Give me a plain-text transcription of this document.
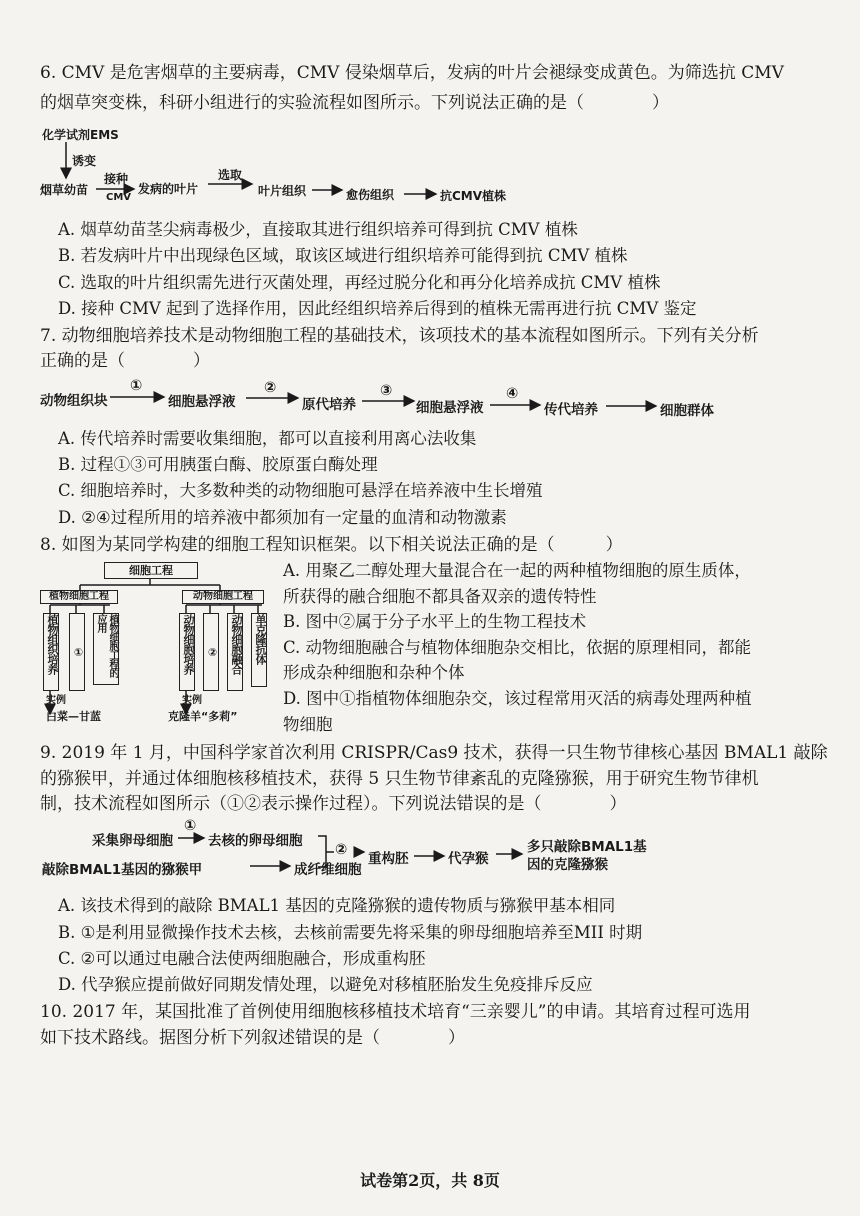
6. CMV 是危害烟草的主要病毒，CMV 侵染烟草后，发病的叶片会褪绿变成黄色。为筛选抗 CMV
的烟草突变株，科研小组进行的实验流程如图所示。下列说法正确的是（　　　　）
化学试剂EMS
诱变
烟草幼苗
接种
CMV
发病的叶片
选取
叶片组织	愈伤组织	抗CMV植株
A. 烟草幼苗茎尖病毒极少，直接取其进行组织培养可得到抗 CMV 植株
B. 若发病叶片中出现绿色区域，取该区域进行组织培养可能得到抗 CMV 植株
C. 选取的叶片组织需先进行灭菌处理，再经过脱分化和再分化培养成抗 CMV 植株
D. 接种 CMV 起到了选择作用，因此经组织培养后得到的植株无需再进行抗 CMV 鉴定
7. 动物细胞培养技术是动物细胞工程的基础技术，该项技术的基本流程如图所示。下列有关分析
正确的是（　　　　）
动物组织块
①
细胞悬浮液
②
原代培养
③
细胞悬浮液
④
传代培养	细胞群体
A. 传代培养时需要收集细胞，都可以直接利用离心法收集
B. 过程①③可用胰蛋白酶、胶原蛋白酶处理
C. 细胞培养时，大多数种类的动物细胞可悬浮在培养液中生长增殖
D. ②④过程所用的培养液中都须加有一定量的血清和动物激素
8. 如图为某同学构建的细胞工程知识框架。以下相关说法正确的是（　　　）
细胞工程
植物细胞工程	动物细胞工程
植物组织培养 ①	植物细胞工程的应用	动物细胞培养 ② 动物细胞融合 单克隆抗体
实例	实例
白菜—甘蓝	克隆羊“多莉”
A. 用聚乙二醇处理大量混合在一起的两种植物细胞的原生质体，
所获得的融合细胞不都具备双亲的遗传特性
B. 图中②属于分子水平上的生物工程技术
C. 动物细胞融合与植物体细胞杂交相比，依据的原理相同，都能
形成杂种细胞和杂种个体
D. 图中①指植物体细胞杂交，该过程常用灭活的病毒处理两种植
物细胞
9. 2019 年 1 月，中国科学家首次利用 CRISPR/Cas9 技术，获得一只生物节律核心基因 BMAL1 敲除
的猕猴甲，并通过体细胞核移植技术，获得 5 只生物节律紊乱的克隆猕猴，用于研究生物节律机
制，技术流程如图所示（①②表示操作过程）。下列说法错误的是（　　　　）
采集卵母细胞
①
去核的卵母细胞
敲除BMAL1基因的猕猴甲	成纤维细胞
②
重构胚	代孕猴
多只敲除BMAL1基
因的克隆猕猴
A. 该技术得到的敲除 BMAL1 基因的克隆猕猴的遗传物质与猕猴甲基本相同
B. ①是利用显微操作技术去核，去核前需要先将采集的卵母细胞培养至MII 时期
C. ②可以通过电融合法使两细胞融合，形成重构胚
D. 代孕猴应提前做好同期发情处理，以避免对移植胚胎发生免疫排斥反应
10. 2017 年，某国批准了首例使用细胞核移植技术培育“三亲婴儿”的申请。其培育过程可选用
如下技术路线。据图分析下列叙述错误的是（　　　　）
试卷第2页，共 8页
